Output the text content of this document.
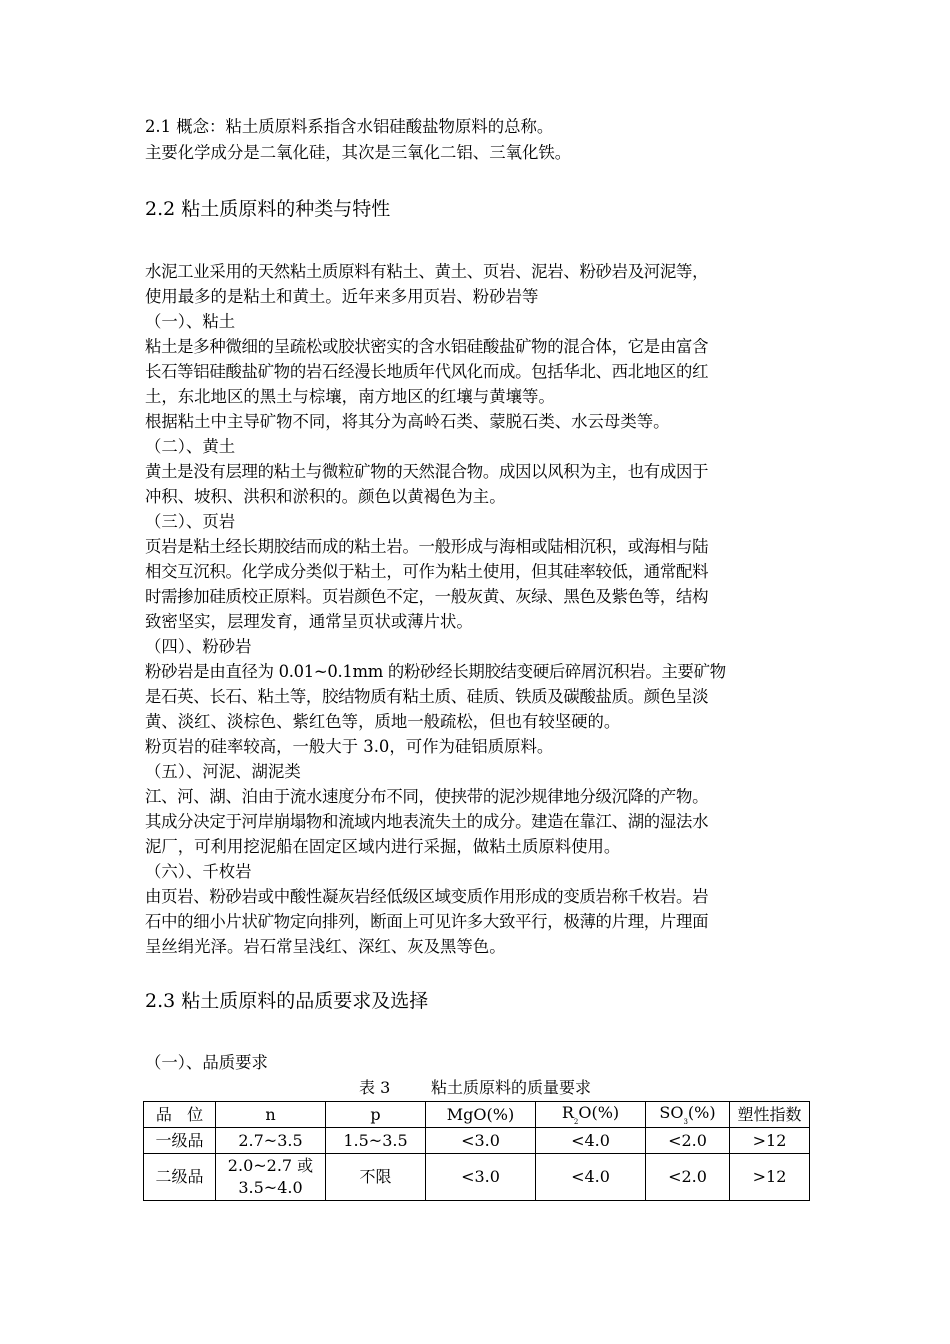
2.1 概念：粘土质原料系指含水铝硅酸盐物原料的总称。
主要化学成分是二氧化硅，其次是三氧化二铝、三氧化铁。
2.2 粘土质原料的种类与特性
水泥工业采用的天然粘土质原料有粘土、黄土、页岩、泥岩、粉砂岩及河泥等，
使用最多的是粘土和黄土。近年来多用页岩、粉砂岩等
（一）、粘土
粘土是多种微细的呈疏松或胶状密实的含水铝硅酸盐矿物的混合体，它是由富含
长石等铝硅酸盐矿物的岩石经漫长地质年代风化而成。包括华北、西北地区的红
土，东北地区的黑土与棕壤，南方地区的红壤与黄壤等。
根据粘土中主导矿物不同，将其分为高岭石类、蒙脱石类、水云母类等。
（二）、黄土
黄土是没有层理的粘土与微粒矿物的天然混合物。成因以风积为主，也有成因于
冲积、坡积、洪积和淤积的。颜色以黄褐色为主。
（三）、页岩
页岩是粘土经长期胶结而成的粘土岩。一般形成与海相或陆相沉积，或海相与陆
相交互沉积。化学成分类似于粘土，可作为粘土使用，但其硅率较低，通常配料
时需掺加硅质校正原料。页岩颜色不定，一般灰黄、灰绿、黑色及紫色等，结构
致密坚实，层理发育，通常呈页状或薄片状。
（四）、粉砂岩
粉砂岩是由直径为 0.01~0.1mm 的粉砂经长期胶结变硬后碎屑沉积岩。主要矿物
是石英、长石、粘土等，胶结物质有粘土质、硅质、铁质及碳酸盐质。颜色呈淡
黄、淡红、淡棕色、紫红色等，质地一般疏松，但也有较坚硬的。
粉页岩的硅率较高，一般大于 3.0，可作为硅铝质原料。
（五）、河泥、湖泥类
江、河、湖、泊由于流水速度分布不同，使挟带的泥沙规律地分级沉降的产物。
其成分决定于河岸崩塌物和流域内地表流失土的成分。建造在靠江、湖的湿法水
泥厂，可利用挖泥船在固定区域内进行采掘，做粘土质原料使用。
（六）、千枚岩
由页岩、粉砂岩或中酸性凝灰岩经低级区域变质作用形成的变质岩称千枚岩。岩
石中的细小片状矿物定向排列，断面上可见许多大致平行，极薄的片理，片理面
呈丝绢光泽。岩石常呈浅红、深红、灰及黑等色。
2.3 粘土质原料的品质要求及选择
（一）、品质要求
表 3        粘土质原料的质量要求
品   位	n	p	MgO(%)	$R_2O(\%)$	$SO_3(\%)$	塑性指数
一级品	2.7~3.5	1.5~3.5	<3.0	<4.0	<2.0	>12
二级品	2.0~2.7 或
3.5~4.0	不限	<3.0	<4.0	<2.0	>12
